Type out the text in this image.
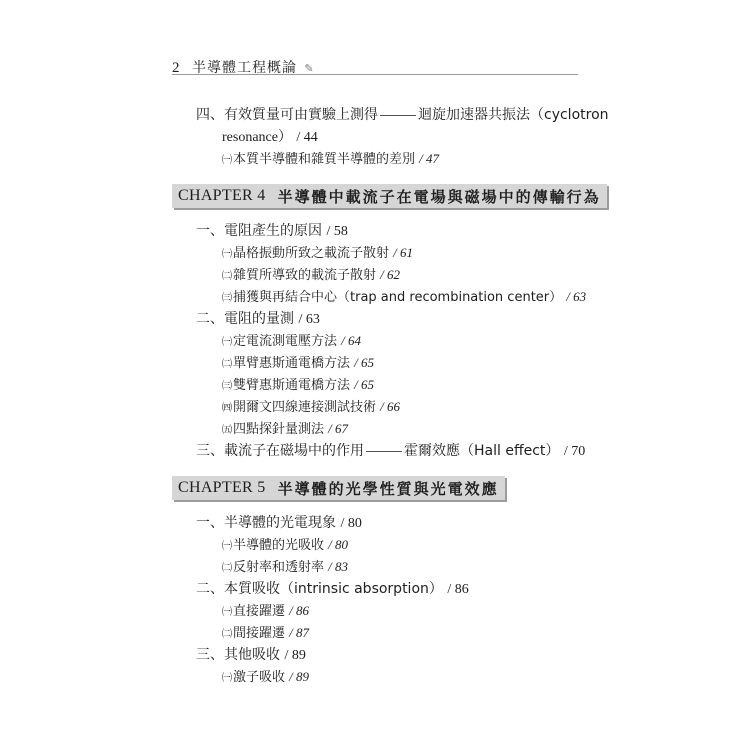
2 半導體工程概論 ✎
四、有效質量可由實驗上測得	迴旋加速器共振法（cyclotron
resonance） / 44
㈠本質半導體和雜質半導體的差別 / 47
CHAPTER 4 半導體中載流子在電場與磁場中的傳輸行為
一、電阻產生的原因 / 58
㈠晶格振動所致之載流子散射 / 61
㈡雜質所導致的載流子散射 / 62
㈢捕獲與再結合中心（trap and recombination center） / 63
二、電阻的量測 / 63
㈠定電流測電壓方法 / 64
㈡單臂惠斯通電橋方法 / 65
㈢雙臂惠斯通電橋方法 / 65
㈣開爾文四線連接測試技術 / 66
㈤四點探針量測法 / 67
三、載流子在磁場中的作用	霍爾效應（Hall effect） / 70
CHAPTER 5 半導體的光學性質與光電效應
一、半導體的光電現象 / 80
㈠半導體的光吸收 / 80
㈡反射率和透射率 / 83
二、本質吸收（intrinsic absorption） / 86
㈠直接躍遷 / 86
㈡間接躍遷 / 87
三、其他吸收 / 89
㈠激子吸收 / 89
